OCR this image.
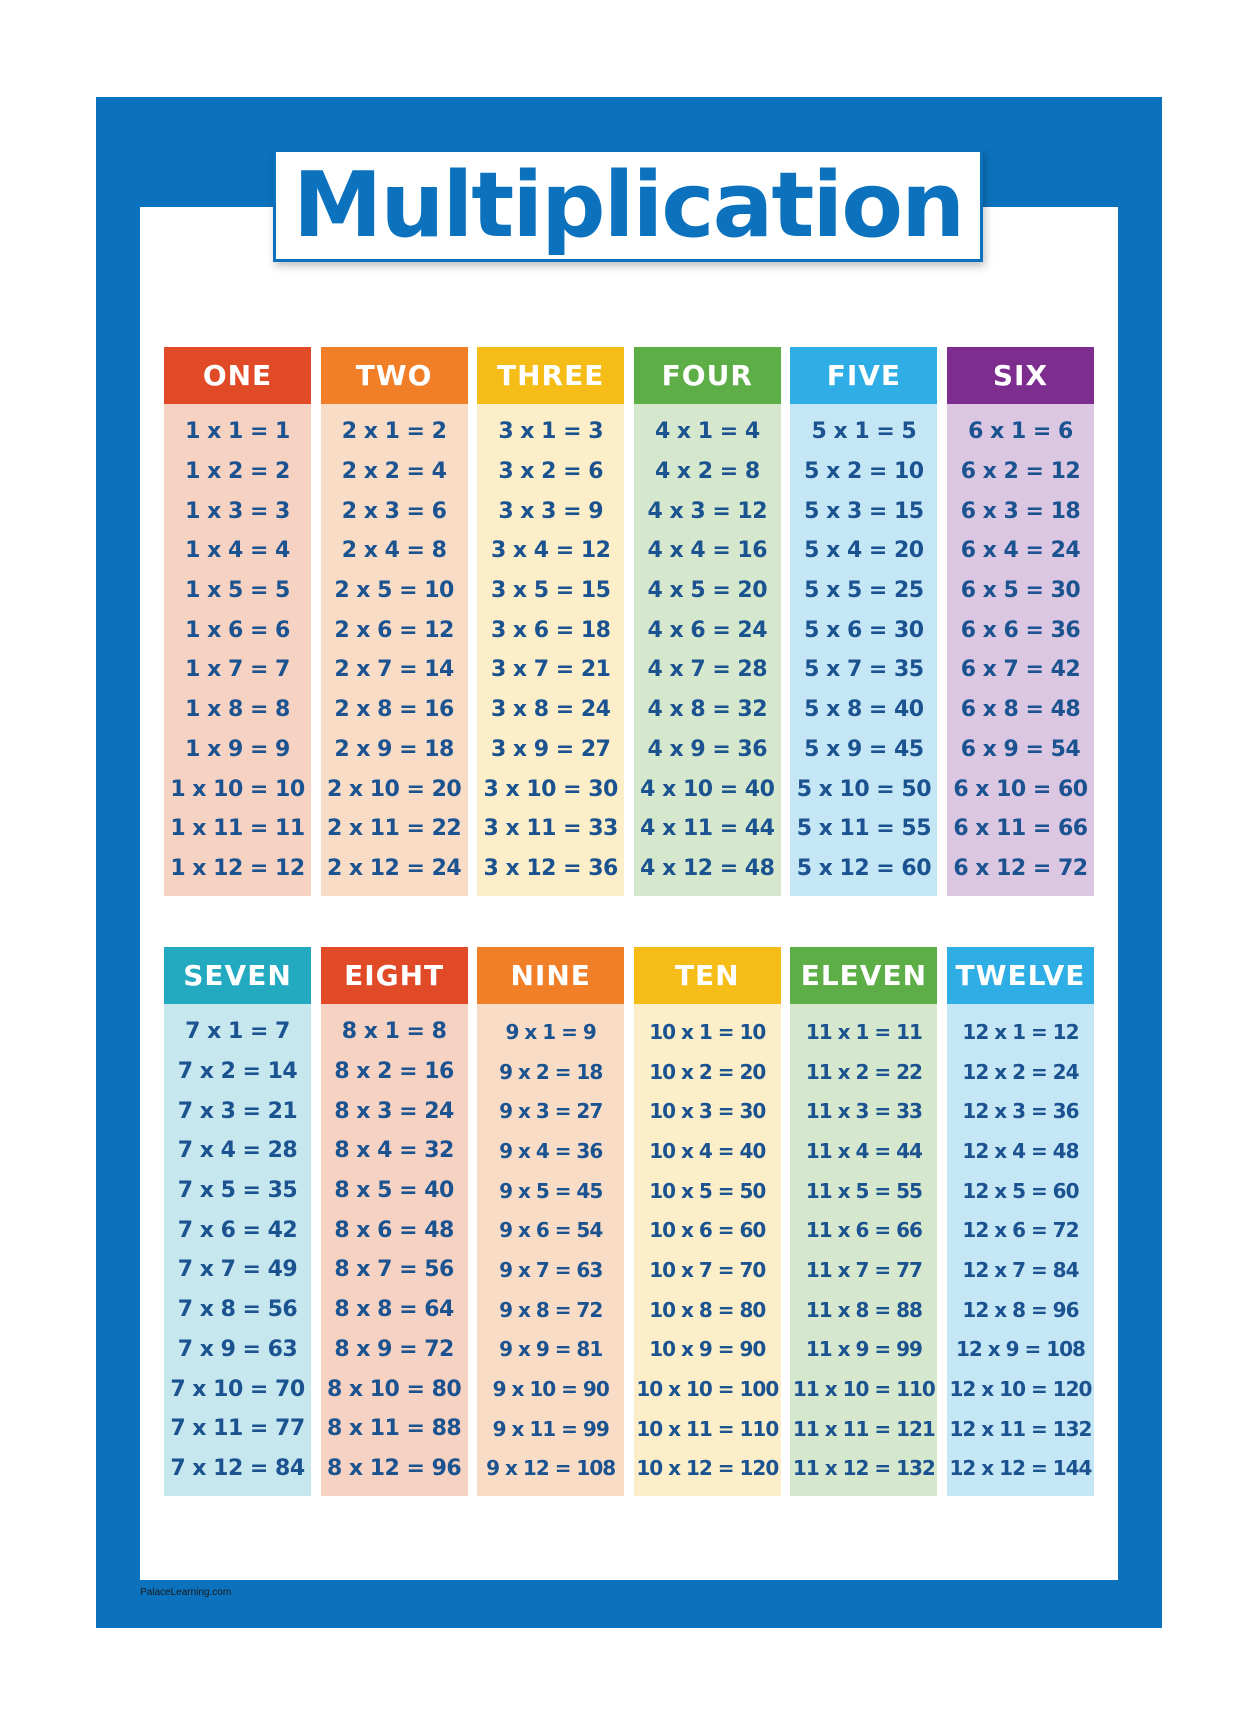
Multiplication
ONE
1 x 1 = 1
1 x 2 = 2
1 x 3 = 3
1 x 4 = 4
1 x 5 = 5
1 x 6 = 6
1 x 7 = 7
1 x 8 = 8
1 x 9 = 9
1 x 10 = 10
1 x 11 = 11
1 x 12 = 12
TWO
2 x 1 = 2
2 x 2 = 4
2 x 3 = 6
2 x 4 = 8
2 x 5 = 10
2 x 6 = 12
2 x 7 = 14
2 x 8 = 16
2 x 9 = 18
2 x 10 = 20
2 x 11 = 22
2 x 12 = 24
THREE
3 x 1 = 3
3 x 2 = 6
3 x 3 = 9
3 x 4 = 12
3 x 5 = 15
3 x 6 = 18
3 x 7 = 21
3 x 8 = 24
3 x 9 = 27
3 x 10 = 30
3 x 11 = 33
3 x 12 = 36
FOUR
4 x 1 = 4
4 x 2 = 8
4 x 3 = 12
4 x 4 = 16
4 x 5 = 20
4 x 6 = 24
4 x 7 = 28
4 x 8 = 32
4 x 9 = 36
4 x 10 = 40
4 x 11 = 44
4 x 12 = 48
FIVE
5 x 1 = 5
5 x 2 = 10
5 x 3 = 15
5 x 4 = 20
5 x 5 = 25
5 x 6 = 30
5 x 7 = 35
5 x 8 = 40
5 x 9 = 45
5 x 10 = 50
5 x 11 = 55
5 x 12 = 60
SIX
6 x 1 = 6
6 x 2 = 12
6 x 3 = 18
6 x 4 = 24
6 x 5 = 30
6 x 6 = 36
6 x 7 = 42
6 x 8 = 48
6 x 9 = 54
6 x 10 = 60
6 x 11 = 66
6 x 12 = 72
SEVEN
7 x 1 = 7
7 x 2 = 14
7 x 3 = 21
7 x 4 = 28
7 x 5 = 35
7 x 6 = 42
7 x 7 = 49
7 x 8 = 56
7 x 9 = 63
7 x 10 = 70
7 x 11 = 77
7 x 12 = 84
EIGHT
8 x 1 = 8
8 x 2 = 16
8 x 3 = 24
8 x 4 = 32
8 x 5 = 40
8 x 6 = 48
8 x 7 = 56
8 x 8 = 64
8 x 9 = 72
8 x 10 = 80
8 x 11 = 88
8 x 12 = 96
NINE
9 x 1 = 9
9 x 2 = 18
9 x 3 = 27
9 x 4 = 36
9 x 5 = 45
9 x 6 = 54
9 x 7 = 63
9 x 8 = 72
9 x 9 = 81
9 x 10 = 90
9 x 11 = 99
9 x 12 = 108
TEN
10 x 1 = 10
10 x 2 = 20
10 x 3 = 30
10 x 4 = 40
10 x 5 = 50
10 x 6 = 60
10 x 7 = 70
10 x 8 = 80
10 x 9 = 90
10 x 10 = 100
10 x 11 = 110
10 x 12 = 120
ELEVEN
11 x 1 = 11
11 x 2 = 22
11 x 3 = 33
11 x 4 = 44
11 x 5 = 55
11 x 6 = 66
11 x 7 = 77
11 x 8 = 88
11 x 9 = 99
11 x 10 = 110
11 x 11 = 121
11 x 12 = 132
TWELVE
12 x 1 = 12
12 x 2 = 24
12 x 3 = 36
12 x 4 = 48
12 x 5 = 60
12 x 6 = 72
12 x 7 = 84
12 x 8 = 96
12 x 9 = 108
12 x 10 = 120
12 x 11 = 132
12 x 12 = 144
PalaceLearning.com
